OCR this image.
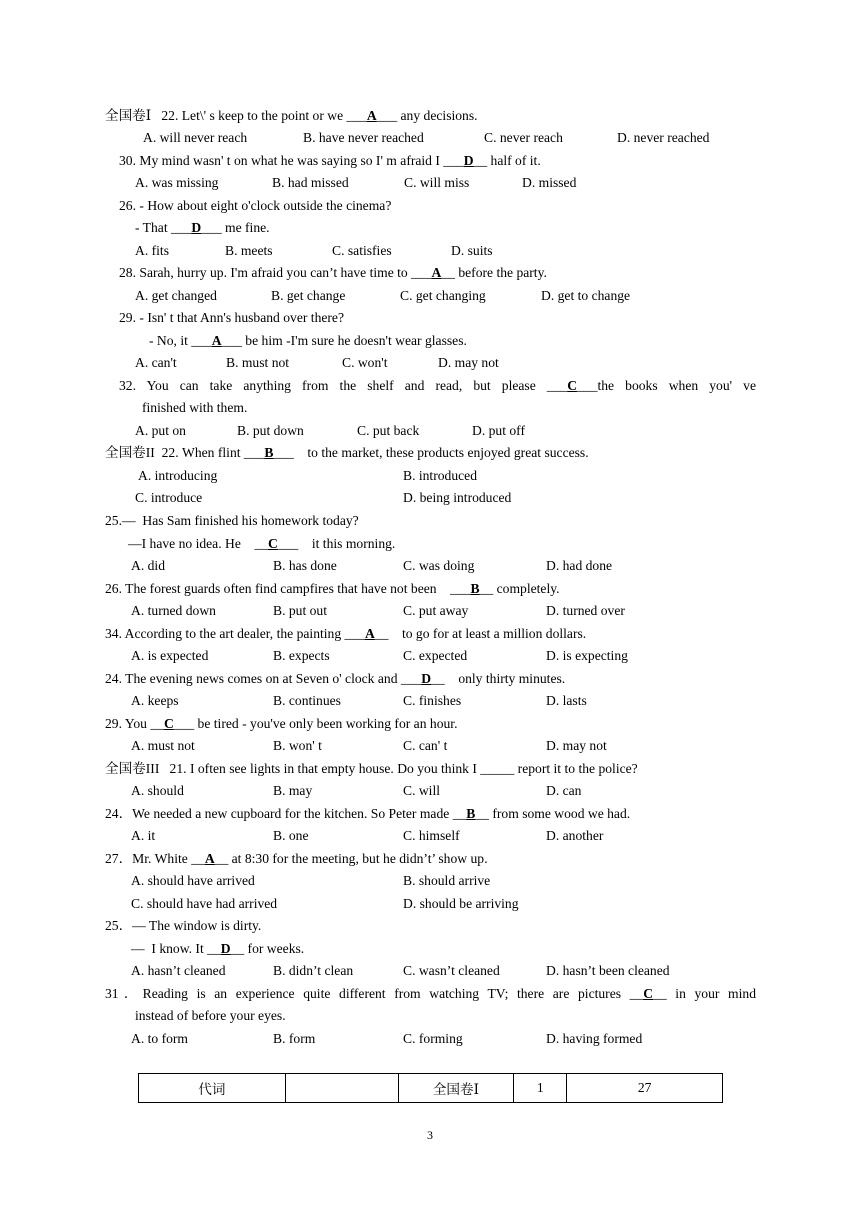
全国卷Ⅰ   22. Let\' s keep to the point or we ___A___ any decisions.
A. will never reach	B. have never reached	C. never reach	D. never reached
30. My mind wasn' t on what he was saying so I' m afraid I ___D__ half of it.
A. was missing	B. had missed	C. will miss	D. missed
26. - How about eight o'clock outside the cinema?
- That ___D___ me fine.
A. fits	B. meets	C. satisfies	D. suits
28. Sarah, hurry up. I'm afraid you can’t have time to ___A__ before the party.
A. get changed	B. get change	C. get changing	D. get to change
29. - Isn' t that Ann's husband over there?
- No, it ___A___ be him -I'm sure he doesn't wear glasses.
A. can't	B. must not	C. won't	D. may not
32. You can take anything from the shelf and read, but please ___C___the books when you' ve
finished with them.
A. put on	B. put down	C. put back	D. put off
全国卷ΙΙ  22. When flint ___B___    to the market, these products enjoyed great success.
A. introducing	B. introduced
C. introduce	D. being introduced
25.—  Has Sam finished his homework today?
—I have no idea. He    __C___    it this morning.
A. did	B. has done	C. was doing	D. had done
26. The forest guards often find campfires that have not been    ___B__ completely.
A. turned down	B. put out	C. put away	D. turned over
34. According to the art dealer, the painting ___A__    to go for at least a million dollars.
A. is expected	B. expects	C. expected	D. is expecting
24. The evening news comes on at Seven o' clock and ___D__    only thirty minutes.
A. keeps	B. continues	C. finishes	D. lasts
29. You __C___ be tired - you've only been working for an hour.
A. must not	B. won' t	C. can' t	D. may not
全国卷ΙΙΙ   21. I often see lights in that empty house. Do you think I _____ report it to the police?
A. should	B. may	C. will	D. can
24．We needed a new cupboard for the kitchen. So Peter made __B__ from some wood we had.
A. it	B. one	C. himself	D. another
27．Mr. White __A__ at 8:30 for the meeting, but he didn’t’ show up.
A. should have arrived	B. should arrive
C. should have had arrived	D. should be arriving
25．— The window is dirty.
—  I know. It __D__ for weeks.
A. hasn’t cleaned	B. didn’t clean	C. wasn’t cleaned	D. hasn’t been cleaned
31．Reading is an experience quite different from watching TV; there are pictures __C__ in your mind
instead of before your eyes.
A. to form	B. form	C. forming	D. having formed
代词		全国卷Ⅰ	1	27
3
